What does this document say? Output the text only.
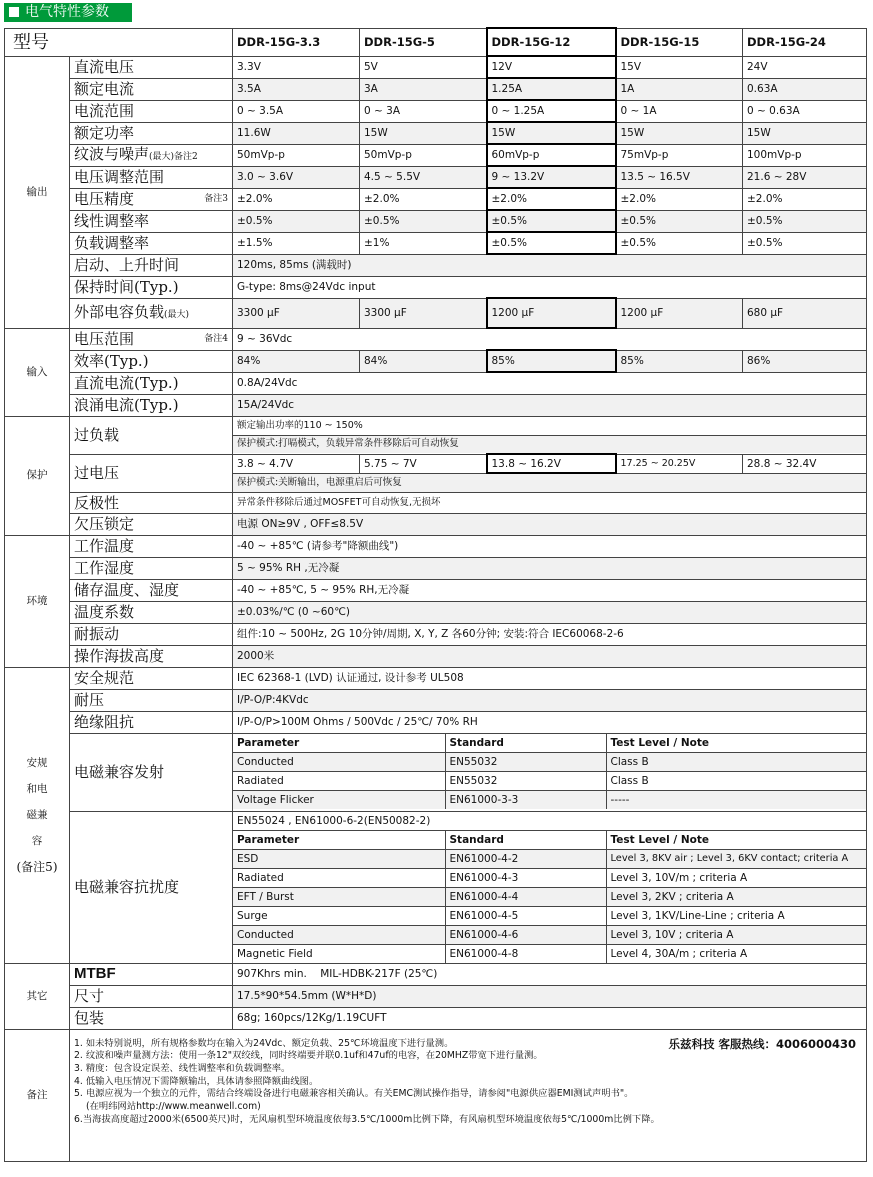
电气特性参数
型号	DDR-15G-3.3	DDR-15G-5	DDR-15G-12	DDR-15G-15	DDR-15G-24
输出	直流电压	3.3V	5V	12V	15V	24V
额定电流	3.5A	3A	1.25A	1A	0.63A
电流范围	0 ~ 3.5A	0 ~ 3A	0 ~ 1.25A	0 ~ 1A	0 ~ 0.63A
额定功率	11.6W	15W	15W	15W	15W
纹波与噪声(最大)备注2	50mVp-p	50mVp-p	60mVp-p	75mVp-p	100mVp-p
电压调整范围	3.0 ~ 3.6V	4.5 ~ 5.5V	9 ~ 13.2V	13.5 ~ 16.5V	21.6 ~ 28V
电压精度	备注3	±2.0%	±2.0%	±2.0%	±2.0%	±2.0%
线性调整率	±0.5%	±0.5%	±0.5%	±0.5%	±0.5%
负载调整率	±1.5%	±1%	±0.5%	±0.5%	±0.5%
启动、上升时间	120ms, 85ms (满载时)
保持时间(Typ.)	G-type: 8ms@24Vdc input
外部电容负载(最大)	3300 μF	3300 μF	1200 μF	1200 μF	680 μF
输入	电压范围	备注4	9 ~ 36Vdc
效率(Typ.)	84%	84%	85%	85%	86%
直流电流(Typ.)	0.8A/24Vdc
浪涌电流(Typ.)	15A/24Vdc
保护	过负载	额定输出功率的110 ~ 150%
保护模式:打嗝模式，负载异常条件移除后可自动恢复
过电压	3.8 ~ 4.7V	5.75 ~ 7V	13.8 ~ 16.2V	17.25 ~ 20.25V	28.8 ~ 32.4V
保护模式:关断输出，电源重启后可恢复
反极性	异常条件移除后通过MOSFET可自动恢复,无损坏
欠压锁定	电源 ON≥9V , OFF≤8.5V
环境	工作温度	-40 ~ +85℃ (请参考"降额曲线")
工作湿度	5 ~ 95% RH ,无冷凝
储存温度、湿度	-40 ~ +85℃, 5 ~ 95% RH,无冷凝
温度系数	±0.03%/℃ (0 ~60℃)
耐振动	组件:10 ~ 500Hz, 2G 10分钟/周期, X, Y, Z 各60分钟; 安装:符合 IEC60068-2-6
操作海拔高度	2000米

安规
和电
磁兼
容
(备注5)	安全规范	IEC 62368-1 (LVD) 认证通过, 设计参考 UL508
耐压	I/P-O/P:4KVdc
绝缘阻抗	I/P-O/P>100M Ohms / 500Vdc / 25℃/ 70% RH
电磁兼容发射	
Parameter	Standard	Test Level / Note
Conducted	EN55032	Class B
Radiated	EN55032	Class B
Voltage Flicker	EN61000-3-3	-----

电磁兼容抗扰度	
EN55024 , EN61000-6-2(EN50082-2)
Parameter	Standard	Test Level / Note
ESD	EN61000-4-2	Level 3, 8KV air ; Level 3, 6KV contact; criteria A
Radiated	EN61000-4-3	Level 3, 10V/m ; criteria A
EFT / Burst	EN61000-4-4	Level 3, 2KV ; criteria A
Surge	EN61000-4-5	Level 3, 1KV/Line-Line ; criteria A
Conducted	EN61000-4-6	Level 3, 10V ; criteria A
Magnetic Field	EN61000-4-8	Level 4, 30A/m ; criteria A

其它	MTBF	907Khrs min.    MIL-HDBK-217F (25℃)
尺寸	17.5*90*54.5mm (W*H*D)
包装	68g; 160pcs/12Kg/1.19CUFT
备注	
乐兹科技 客服热线：4006000430
1. 如未特别说明，所有规格参数均在输入为24Vdc、额定负载、25℃环境温度下进行量测。
2. 纹波和噪声量测方法：使用一条12"双绞线，同时终端要并联0.1uf和47uf的电容，在20MHZ带宽下进行量测。
3. 精度：包含设定误差、线性调整率和负载调整率。
4. 低输入电压情况下需降额输出，具体请参照降额曲线图。
5. 电源应视为一个独立的元件，需结合终端设备进行电磁兼容相关确认。有关EMC测试操作指导，请参阅"电源供应器EMI测试声明书"。
(在明纬网站http://www.meanwell.com)
6.当海拔高度超过2000米(6500英尺)时，无风扇机型环境温度依每3.5℃/1000m比例下降，有风扇机型环境温度依每5℃/1000m比例下降。
